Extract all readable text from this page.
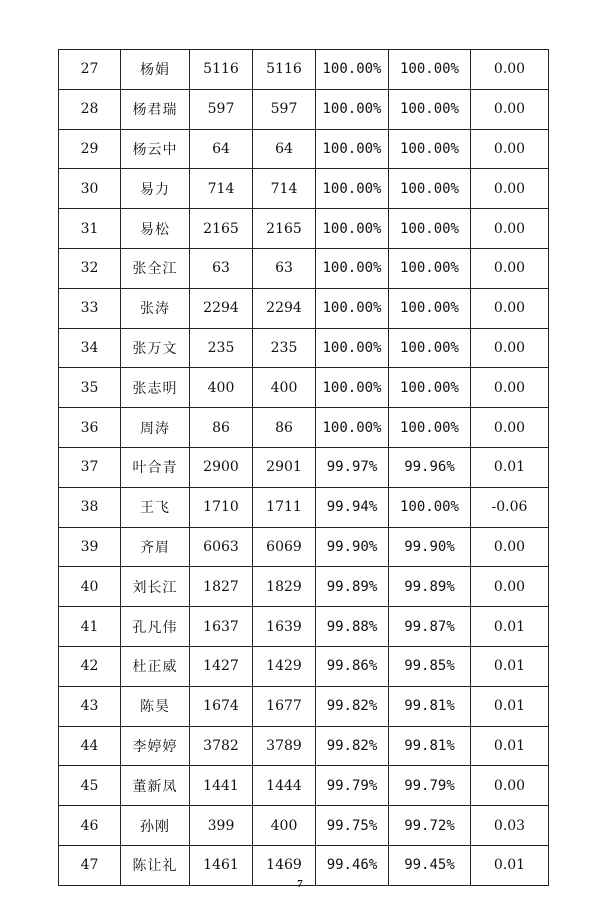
27	杨娟	5116	5116	100.00%	100.00%	0.00
28	杨君瑞	597	597	100.00%	100.00%	0.00
29	杨云中	64	64	100.00%	100.00%	0.00
30	易力	714	714	100.00%	100.00%	0.00
31	易松	2165	2165	100.00%	100.00%	0.00
32	张全江	63	63	100.00%	100.00%	0.00
33	张涛	2294	2294	100.00%	100.00%	0.00
34	张万文	235	235	100.00%	100.00%	0.00
35	张志明	400	400	100.00%	100.00%	0.00
36	周涛	86	86	100.00%	100.00%	0.00
37	叶合青	2900	2901	99.97%	99.96%	0.01
38	王飞	1710	1711	99.94%	100.00%	-0.06
39	齐眉	6063	6069	99.90%	99.90%	0.00
40	刘长江	1827	1829	99.89%	99.89%	0.00
41	孔凡伟	1637	1639	99.88%	99.87%	0.01
42	杜正威	1427	1429	99.86%	99.85%	0.01
43	陈昊	1674	1677	99.82%	99.81%	0.01
44	李婷婷	3782	3789	99.82%	99.81%	0.01
45	董新凤	1441	1444	99.79%	99.79%	0.00
46	孙刚	399	400	99.75%	99.72%	0.03
47	陈让礼	1461	1469	99.46%	99.45%	0.01
7
